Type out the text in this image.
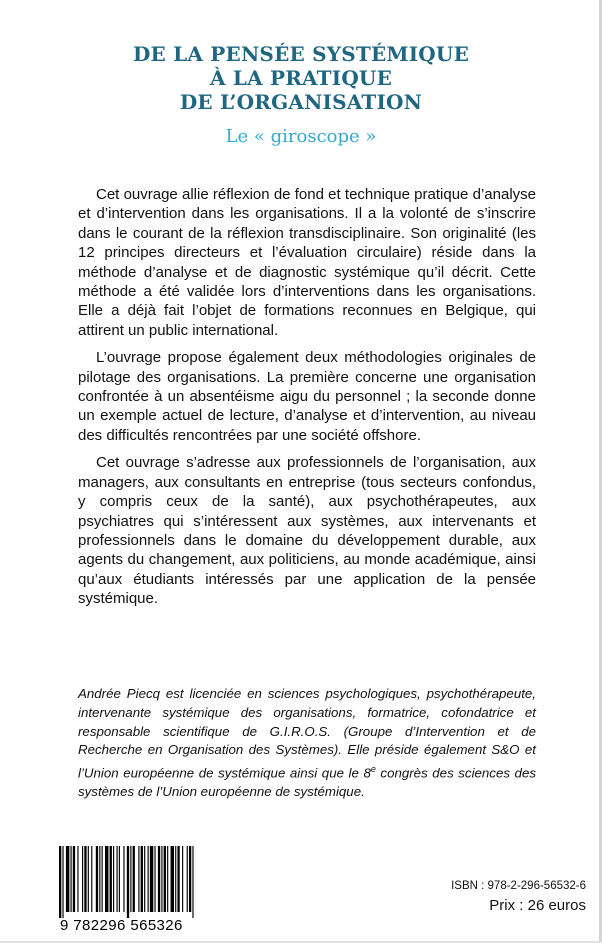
DE LA PENSÉE SYSTÉMIQUE
À LA PRATIQUE
DE L’ORGANISATION
Le « giroscope »

Cet ouvrage allie réflexion de fond et technique pratique d’analyse et d’intervention dans les organisations. Il a la volonté de s’inscrire dans le courant de la réflexion transdisciplinaire. Son originalité (les 12 principes directeurs et l’évaluation circulaire) réside dans la méthode d’analyse et de diagnostic systémique qu’il décrit. Cette méthode a été validée lors d’interventions dans les organisations. Elle a déjà fait l’objet de formations reconnues en Belgique, qui attirent un public international.

L’ouvrage propose également deux méthodologies originales de pilotage des organisations. La première concerne une organisation confrontée à un absentéisme aigu du personnel ; la seconde donne un exemple actuel de lecture, d’analyse et d’intervention, au niveau des difficultés rencontrées par une société offshore.

Cet ouvrage s’adresse aux professionnels de l’organisation, aux managers, aux consultants en entreprise (tous secteurs confondus, y compris ceux de la santé), aux psychothérapeutes, aux psychiatres qui s’intéressent aux systèmes, aux intervenants et professionnels dans le domaine du développement durable, aux agents du changement, aux politiciens, au monde académique, ainsi qu’aux étudiants intéressés par une application de la pensée systémique.

Andrée Piecq est licenciée en sciences psychologiques, psychothérapeute, intervenante systémique des organisations, formatrice, cofondatrice et responsable scientifique de G.I.R.O.S. (Groupe d’Intervention et de Recherche en Organisation des Systèmes). Elle préside également S&O et l’Union européenne de systémique ainsi que le 8e congrès des sciences des systèmes de l’Union européenne de systémique.

9 782296 565326
ISBN : 978-2-296-56532-6
Prix : 26 euros
